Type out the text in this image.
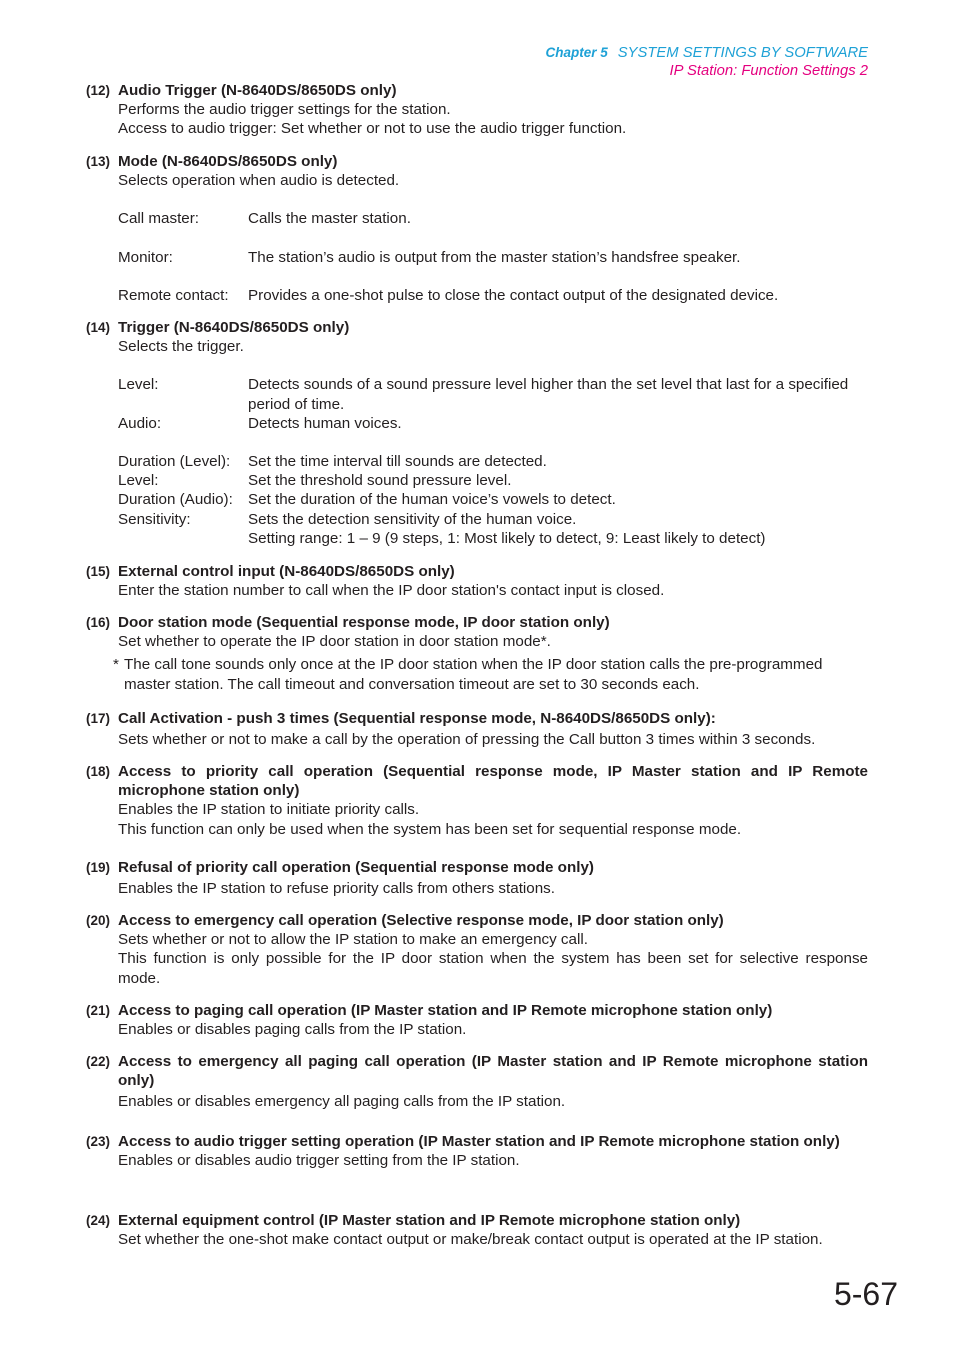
Chapter 5 SYSTEM SETTINGS BY SOFTWARE
IP Station: Function Settings 2
(12) Audio Trigger (N-8640DS/8650DS only)
Performs the audio trigger settings for the station.
Access to audio trigger: Set whether or not to use the audio trigger function.
(13) Mode (N-8640DS/8650DS only)
Selects operation when audio is detected.
Call master:	Calls the master station.
Monitor:	The station’s audio is output from the master station’s handsfree speaker.
Remote contact:	Provides a one-shot pulse to close the contact output of the designated device.
(14) Trigger (N-8640DS/8650DS only)
Selects the trigger.
Level:	Detects sounds of a sound pressure level higher than the set level that last for a specified period of time.
Audio:	Detects human voices.
Duration (Level):	Set the time interval till sounds are detected.
Level:	Set the threshold sound pressure level.
Duration (Audio): Set the duration of the human voice’s vowels to detect.
Sensitivity:	Sets the detection sensitivity of the human voice.
Setting range: 1 – 9 (9 steps, 1: Most likely to detect, 9: Least likely to detect)
(15) External control input (N-8640DS/8650DS only)
Enter the station number to call when the IP door station's contact input is closed.
(16) Door station mode (Sequential response mode, IP door station only)
Set whether to operate the IP door station in door station mode*.
* The call tone sounds only once at the IP door station when the IP door station calls the pre-programmed master station. The call timeout and conversation timeout are set to 30 seconds each.
(17) Call Activation - push 3 times (Sequential response mode, N-8640DS/8650DS only):
Sets whether or not to make a call by the operation of pressing the Call button 3 times within 3 seconds.
(18) Access to priority call operation (Sequential response mode, IP Master station and IP Remote microphone station only)
Enables the IP station to initiate priority calls.
This function can only be used when the system has been set for sequential response mode.
(19) Refusal of priority call operation (Sequential response mode only)
Enables the IP station to refuse priority calls from others stations.
(20) Access to emergency call operation (Selective response mode, IP door station only)
Sets whether or not to allow the IP station to make an emergency call.
This function is only possible for the IP door station when the system has been set for selective response mode.
(21) Access to paging call operation (IP Master station and IP Remote microphone station only)
Enables or disables paging calls from the IP station.
(22) Access to emergency all paging call operation (IP Master station and IP Remote microphone station only)
Enables or disables emergency all paging calls from the IP station.
(23) Access to audio trigger setting operation (IP Master station and IP Remote microphone station only)
Enables or disables audio trigger setting from the IP station.
(24) External equipment control (IP Master station and IP Remote microphone station only)
Set whether the one-shot make contact output or make/break contact output is operated at the IP station.
5-67
